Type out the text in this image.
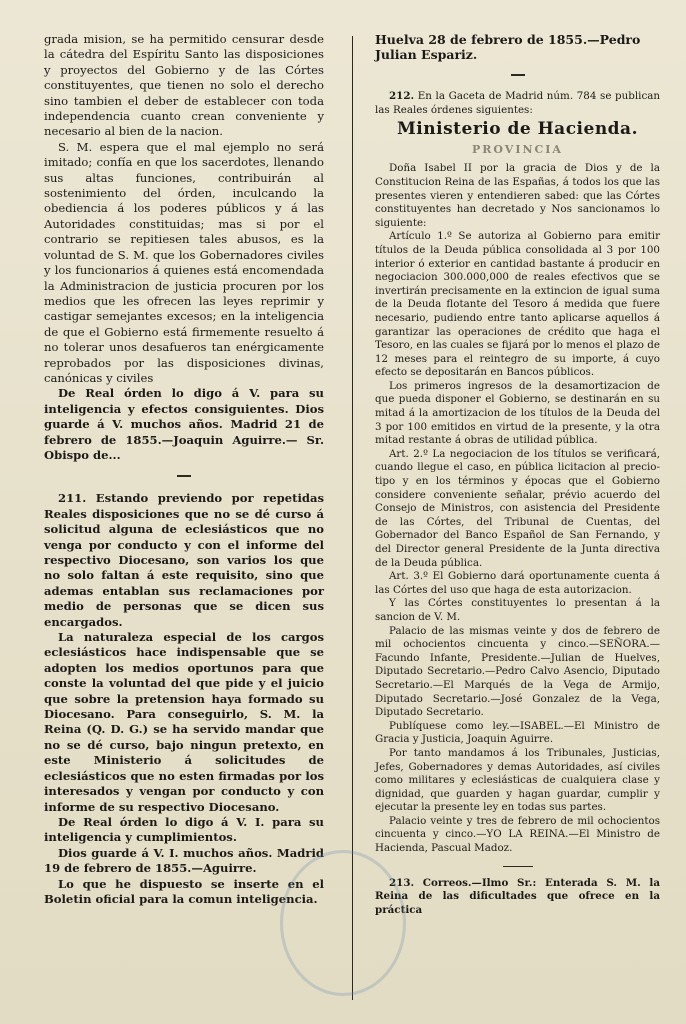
grada mision, se ha permitido censurar desde la cátedra del Espíritu Santo las disposiciones y proyectos del Gobierno y de las Córtes constituyentes, que tienen no solo el derecho sino tambien el deber de establecer con toda independencia cuanto crean conveniente y necesario al bien de la nacion.

S. M. espera que el mal ejemplo no será imitado; confía en que los sacerdotes, llenando sus altas funciones, contribuirán al sostenimiento del órden, inculcando la obediencia á los poderes públicos y á las Autoridades constituidas; mas si por el contrario se repitiesen tales abusos, es la voluntad de S. M. que los Gobernadores civiles y los funcionarios á quienes está encomendada la Administracion de justicia procuren por los medios que les ofrecen las leyes reprimir y castigar semejantes excesos; en la inteligencia de que el Gobierno está firmemente resuelto á no tolerar unos desafueros tan enérgicamente reprobados por las disposiciones divinas, canónicas y civiles

De Real órden lo digo á V. para su inteligencia y efectos consiguientes. Dios guarde á V. muchos años. Madrid 21 de febrero de 1855.—Joaquin Aguirre.— Sr. Obispo de...

211. Estando previendo por repetidas Reales disposiciones que no se dé curso á solicitud alguna de eclesiásticos que no venga por conducto y con el informe del respectivo Diocesano, son varios los que no solo faltan á este requisito, sino que ademas entablan sus reclamaciones por medio de personas que se dicen sus encargados.

La naturaleza especial de los cargos eclesiásticos hace indispensable que se adopten los medios oportunos para que conste la voluntad del que pide y el juicio que sobre la pretension haya formado su Diocesano. Para conseguirlo, S. M. la Reina (Q. D. G.) se ha servido mandar que no se dé curso, bajo ningun pretexto, en este Ministerio á solicitudes de eclesiásticos que no esten firmadas por los interesados y vengan por conducto y con informe de su respectivo Diocesano.

De Real órden lo digo á V. I. para su inteligencia y cumplimientos.

Dios guarde á V. I. muchos años. Madrid 19 de febrero de 1855.—Aguirre.

Lo que he dispuesto se inserte en el Boletin oficial para la comun inteligencia.

Huelva 28 de febrero de 1855.—Pedro Julian Espariz.

212. En la Gaceta de Madrid núm. 784 se publican las Reales órdenes siguientes:

Ministerio de Hacienda.
PROVINCIA

Doña Isabel II por la gracia de Dios y de la Constitucion Reina de las Españas, á todos los que las presentes vieren y entendieren sabed: que las Córtes constituyentes han decretado y Nos sancionamos lo siguiente:

Artículo 1.º Se autoriza al Gobierno para emitir títulos de la Deuda pública consolidada al 3 por 100 interior ó exterior en cantidad bastante á producir en negociacion 300.000,000 de reales efectivos que se invertirán precisamente en la extincion de igual suma de la Deuda flotante del Tesoro á medida que fuere necesario, pudiendo entre tanto aplicarse aquellos á garantizar las operaciones de crédito que haga el Tesoro, en las cuales se fijará por lo menos el plazo de 12 meses para el reintegro de su importe, á cuyo efecto se depositarán en Bancos públicos.

Los primeros ingresos de la desamortizacion de que pueda disponer el Gobierno, se destinarán en su mitad á la amortizacion de los títulos de la Deuda del 3 por 100 emitidos en virtud de la presente, y la otra mitad restante á obras de utilidad pública.

Art. 2.º La negociacion de los títulos se verificará, cuando llegue el caso, en pública licitacion al precio-tipo y en los términos y épocas que el Gobierno considere conveniente señalar, prévio acuerdo del Consejo de Ministros, con asistencia del Presidente de las Córtes, del Tribunal de Cuentas, del Gobernador del Banco Español de San Fernando, y del Director general Presidente de la Junta directiva de la Deuda pública.

Art. 3.º El Gobierno dará oportunamente cuenta á las Córtes del uso que haga de esta autorizacion.

Y las Córtes constituyentes lo presentan á la sancion de V. M.

Palacio de las mismas veinte y dos de febrero de mil ochocientos cincuenta y cinco.—SEÑORA.— Facundo Infante, Presidente.—Julian de Huelves, Diputado Secretario.—Pedro Calvo Asencio, Diputado Secretario.—El Marqués de la Vega de Armijo, Diputado Secretario.—José Gonzalez de la Vega, Diputado Secretario.

Publíquese como ley.—ISABEL.—El Ministro de Gracia y Justicia, Joaquin Aguirre.

Por tanto mandamos á los Tribunales, Justicias, Jefes, Gobernadores y demas Autoridades, así civiles como militares y eclesiásticas de cualquiera clase y dignidad, que guarden y hagan guardar, cumplir y ejecutar la presente ley en todas sus partes.

Palacio veinte y tres de febrero de mil ochocientos cincuenta y cinco.—YO LA REINA.—El Ministro de Hacienda, Pascual Madoz.

213. Correos.—Ilmo Sr.: Enterada S. M. la Reina de las dificultades que ofrece en la práctica
